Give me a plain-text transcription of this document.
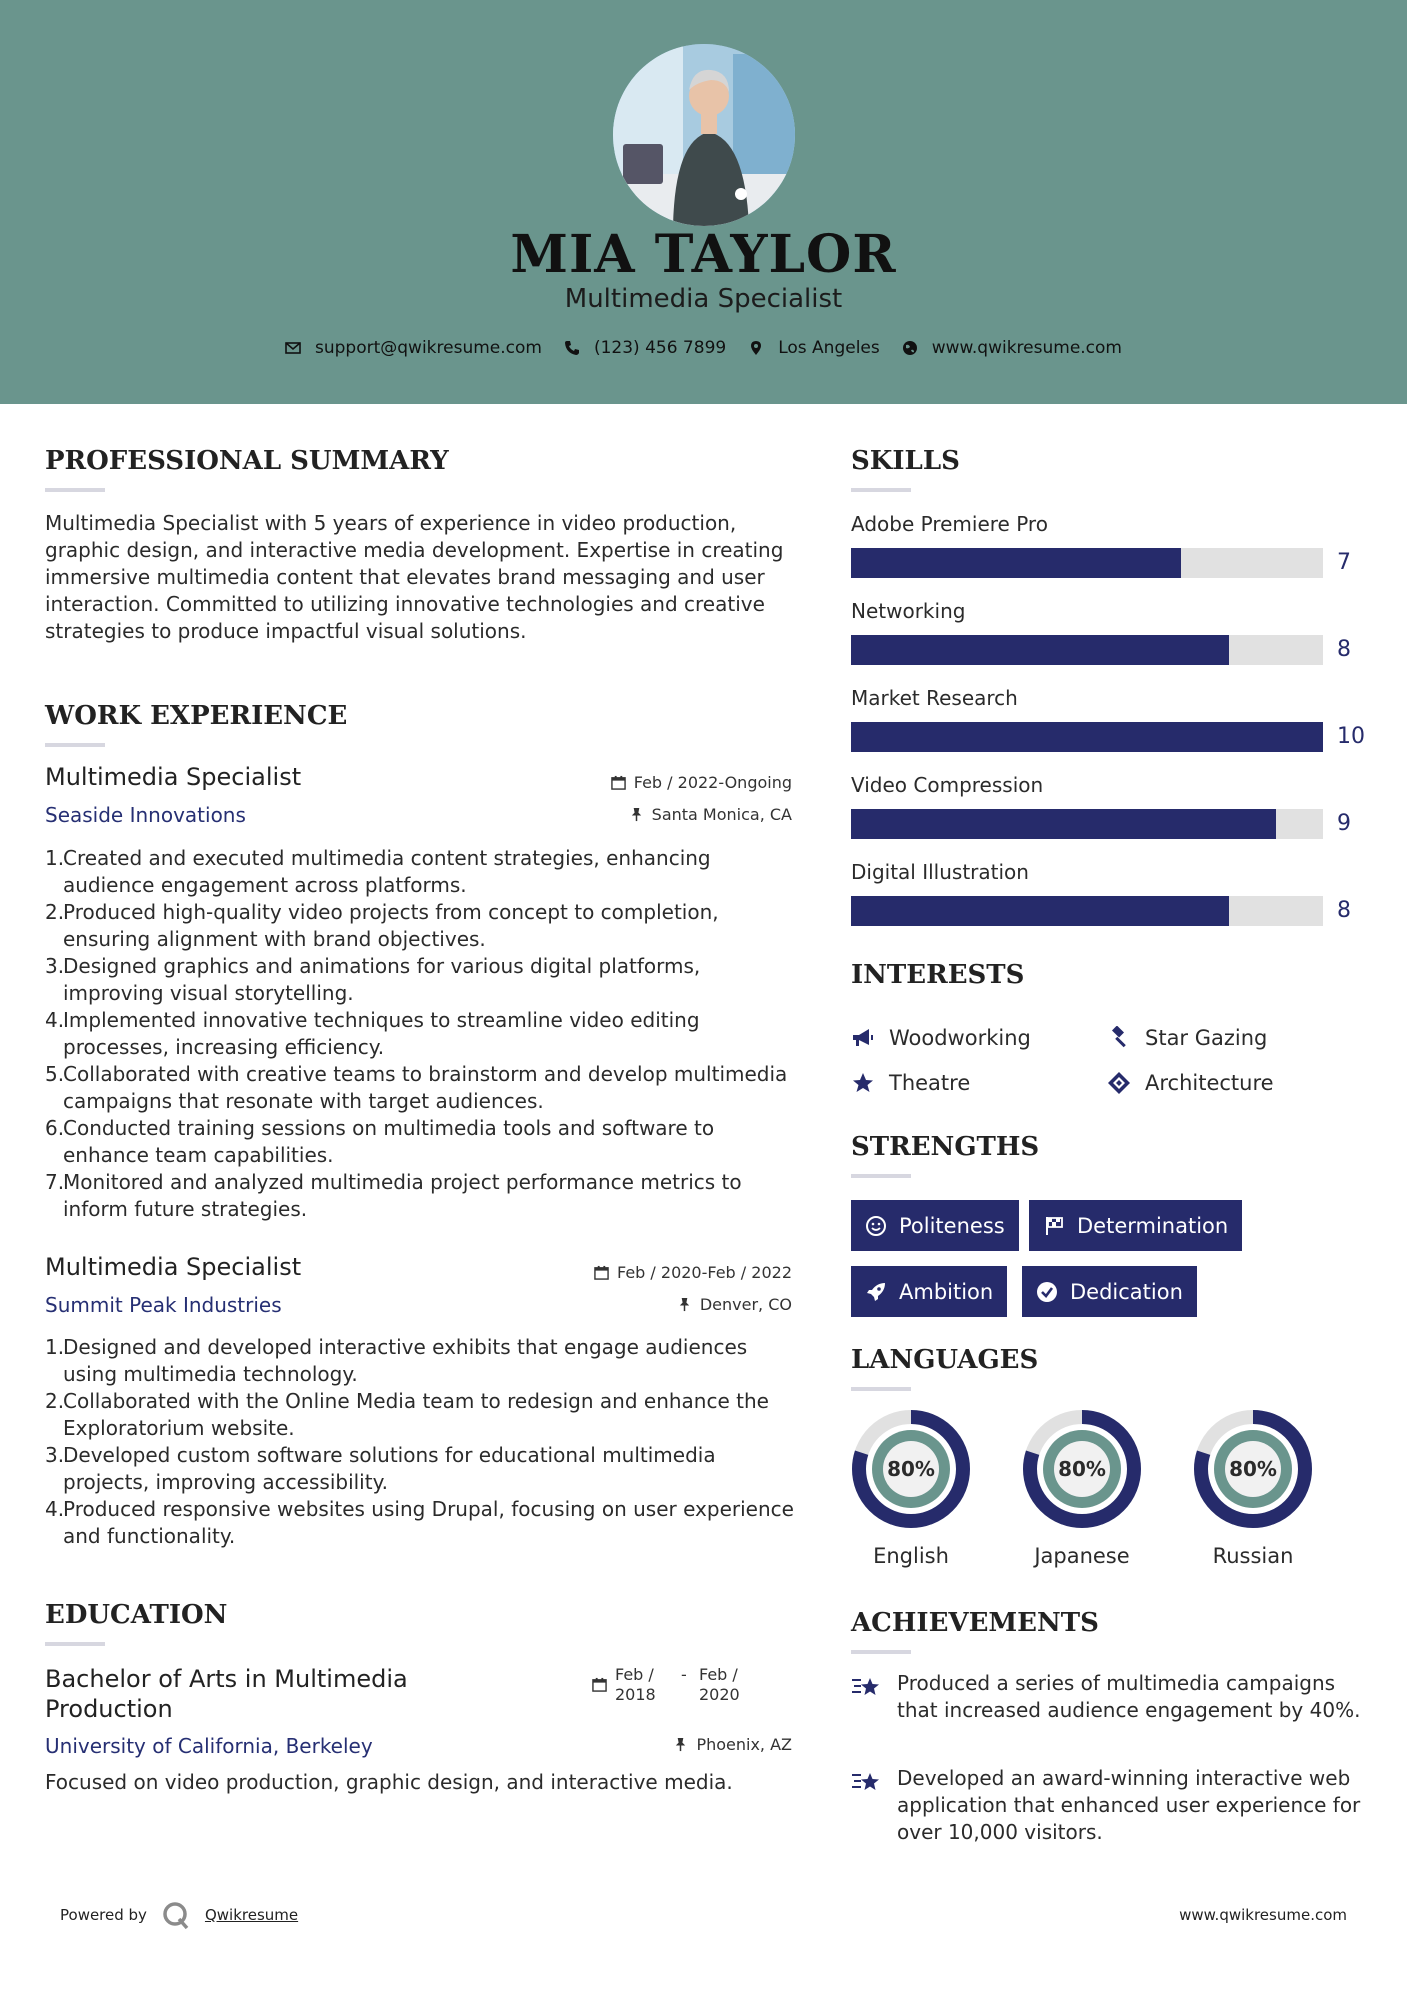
MIA TAYLOR
Multimedia Specialist
support@qwikresume.com	(123) 456 7899	Los Angeles	www.qwikresume.com
PROFESSIONAL SUMMARY
Multimedia Specialist with 5 years of experience in video production, graphic design, and interactive media development. Expertise in creating immersive multimedia content that elevates brand messaging and user interaction. Committed to utilizing innovative technologies and creative strategies to produce impactful visual solutions.
WORK EXPERIENCE
Multimedia Specialist
Seaside Innovations
Feb / 2022-Ongoing
Santa Monica, CA
1.
Created and executed multimedia content strategies, enhancing audience engagement across platforms.
2.
Produced high-quality video projects from concept to completion, ensuring alignment with brand objectives.
3.
Designed graphics and animations for various digital platforms, improving visual storytelling.
4.
Implemented innovative techniques to streamline video editing processes, increasing efficiency.
5.
Collaborated with creative teams to brainstorm and develop multimedia campaigns that resonate with target audiences.
6.
Conducted training sessions on multimedia tools and software to enhance team capabilities.
7.
Monitored and analyzed multimedia project performance metrics to inform future strategies.
Multimedia Specialist
Summit Peak Industries
Feb / 2020-Feb / 2022
Denver, CO
1.
Designed and developed interactive exhibits that engage audiences using multimedia technology.
2.
Collaborated with the Online Media team to redesign and enhance the Exploratorium website.
3.
Developed custom software solutions for educational multimedia projects, improving accessibility.
4.
Produced responsive websites using Drupal, focusing on user experience and functionality.
EDUCATION
Bachelor of Arts in Multimedia
Production
University of California, Berkeley
Feb / 2018
- Feb / 2020
Phoenix, AZ
Focused on video production, graphic design, and interactive media.
SKILLS
Adobe Premiere Pro
7
Networking
8
Market Research
10
Video Compression
9
Digital Illustration
8
INTERESTS
Woodworking	Star Gazing
Theatre	Architecture
STRENGTHS
Politeness	Determination
Ambition	Dedication
LANGUAGES
80%
English
80%
Japanese
80%
Russian
ACHIEVEMENTS
Produced a series of multimedia campaigns that increased audience engagement by 40%.
Developed an award-winning interactive web application that enhanced user experience for over 10,000 visitors.
Powered by	Qwikresume	www.qwikresume.com
